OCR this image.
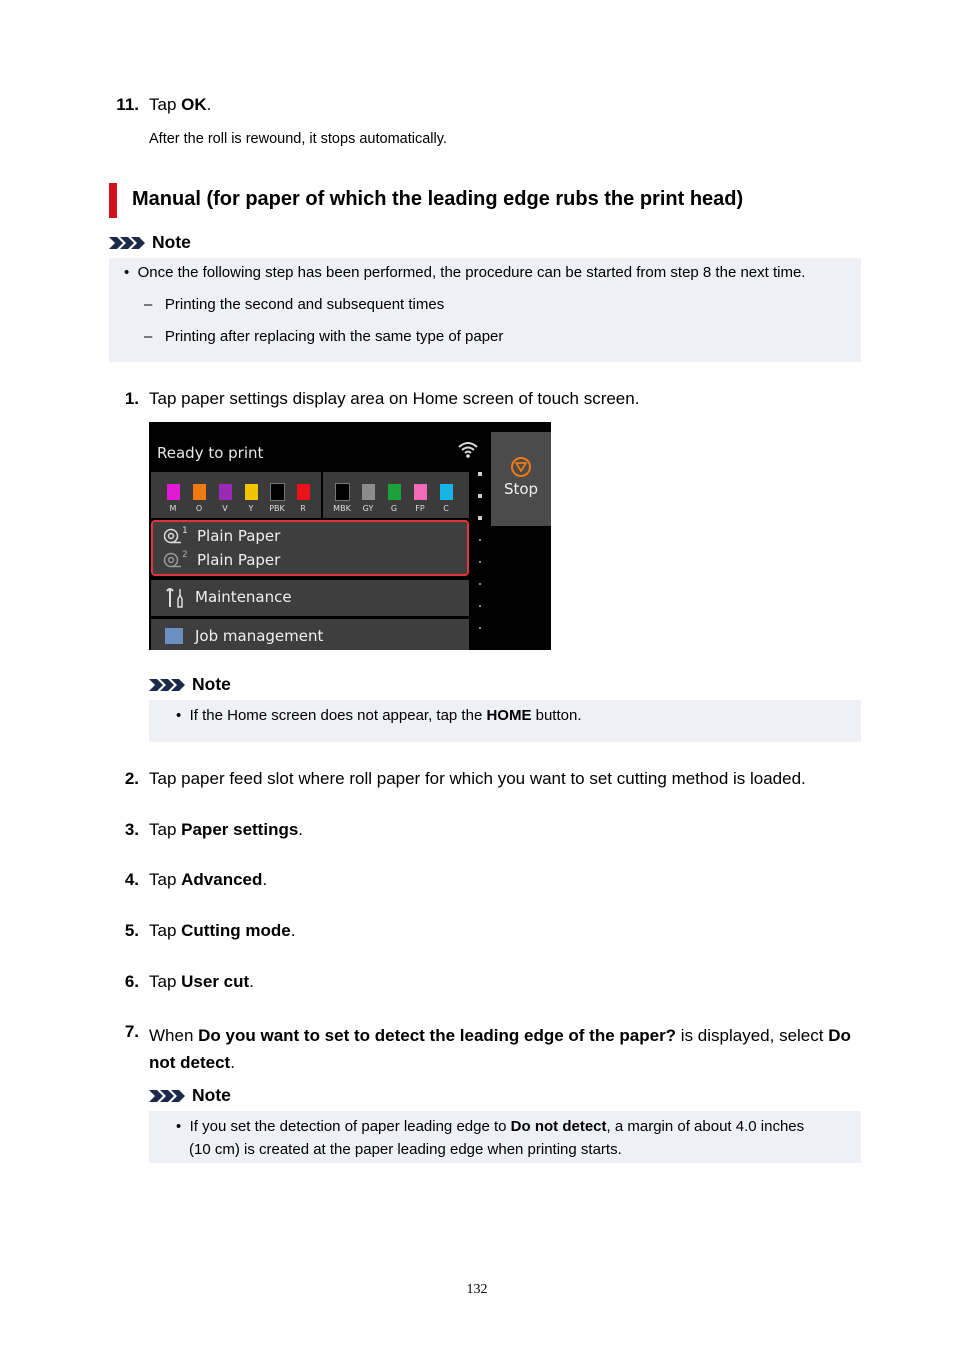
11. Tap OK.
After the roll is rewound, it stops automatically.
Manual (for paper of which the leading edge rubs the print head)
Note
•  Once the following step has been performed, the procedure can be started from step 8 the next time.
–   Printing the second and subsequent times
–   Printing after replacing with the same type of paper
1. Tap paper settings display area on Home screen of touch screen.
Ready to print
M	O	V	Y	PBK	R	MBK	GY	G	FP	C
1 Plain Paper
2 Plain Paper
Maintenance
Job management
Stop
Note
•  If the Home screen does not appear, tap the HOME button.
2. Tap paper feed slot where roll paper for which you want to set cutting method is loaded.
3. Tap Paper settings.
4. Tap Advanced.
5. Tap Cutting mode.
6. Tap User cut.
7. When Do you want to set to detect the leading edge of the paper? is displayed, select Do not detect.
Note
•  If you set the detection of paper leading edge to Do not detect, a margin of about 4.0 inches
(10 cm) is created at the paper leading edge when printing starts.
132
